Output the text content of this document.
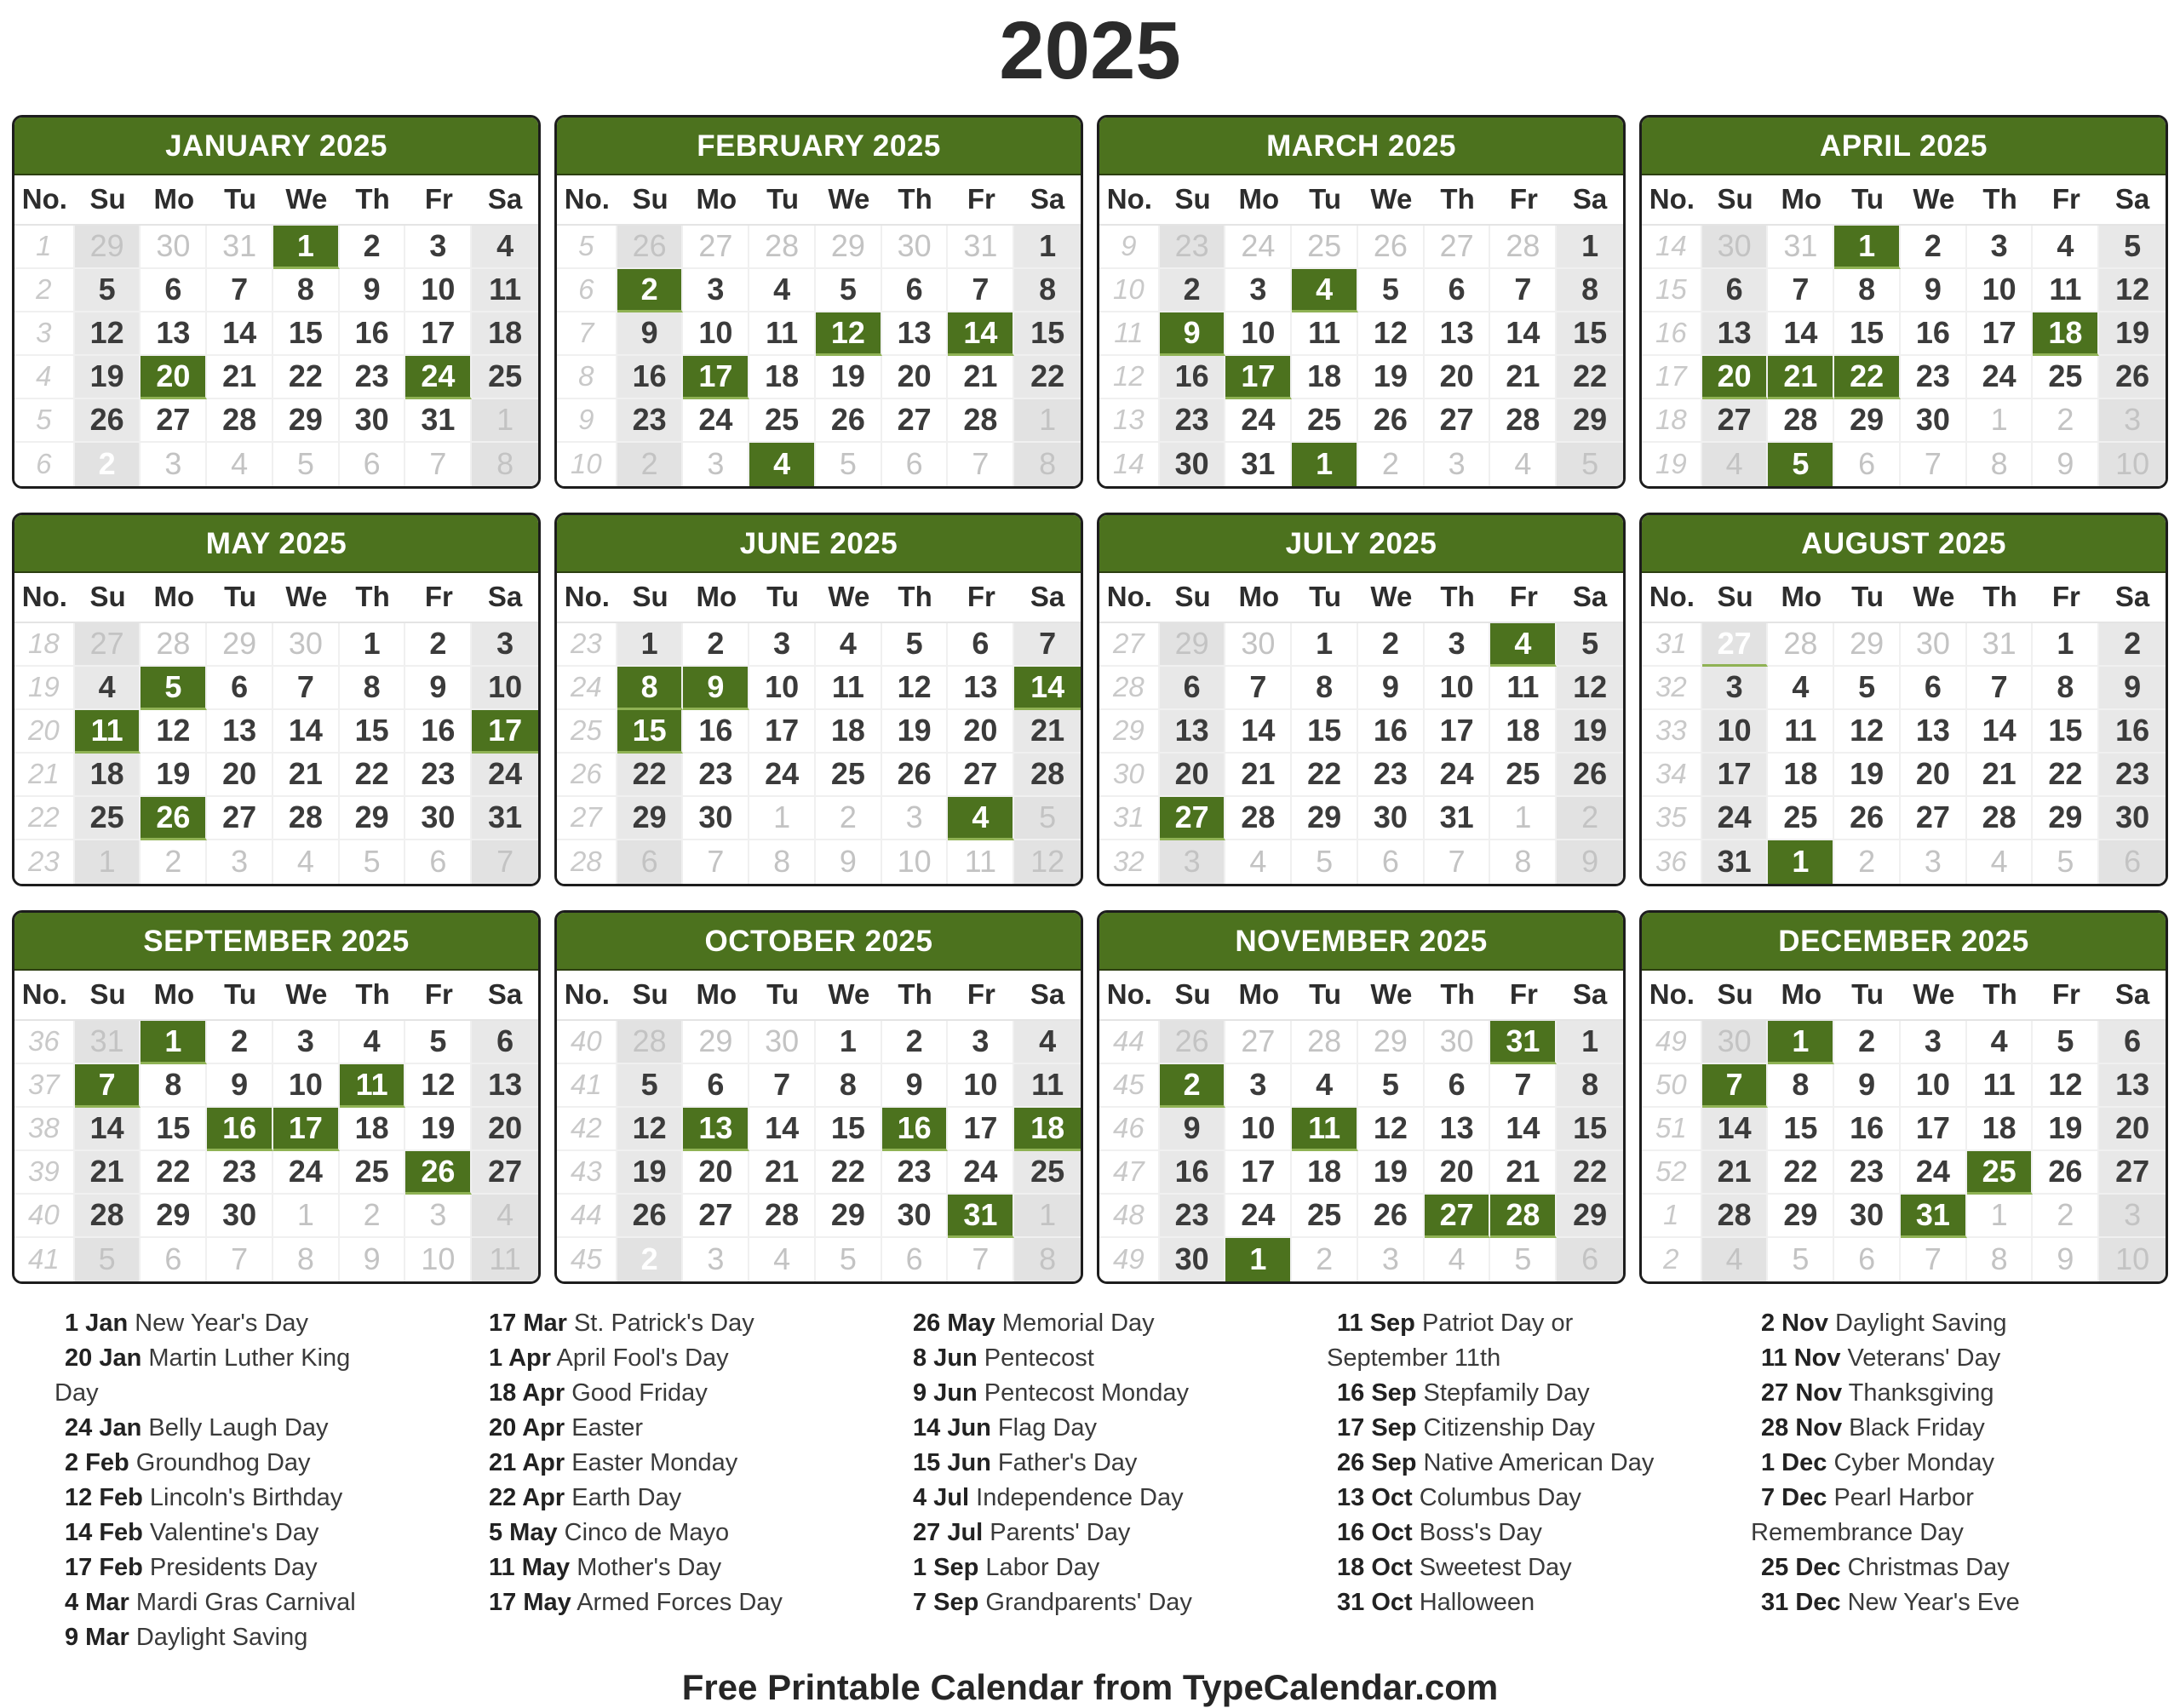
2025
JANUARY 2025
No.	Su	Mo	Tu	We	Th	Fr	Sa
1	29	30	31	1	2	3	4
2	5	6	7	8	9	10	11
3	12	13	14	15	16	17	18
4	19	20	21	22	23	24	25
5	26	27	28	29	30	31	1
6	2	3	4	5	6	7	8
FEBRUARY 2025
No.	Su	Mo	Tu	We	Th	Fr	Sa
5	26	27	28	29	30	31	1
6	2	3	4	5	6	7	8
7	9	10	11	12	13	14	15
8	16	17	18	19	20	21	22
9	23	24	25	26	27	28	1
10	2	3	4	5	6	7	8
MARCH 2025
No.	Su	Mo	Tu	We	Th	Fr	Sa
9	23	24	25	26	27	28	1
10	2	3	4	5	6	7	8
11	9	10	11	12	13	14	15
12	16	17	18	19	20	21	22
13	23	24	25	26	27	28	29
14	30	31	1	2	3	4	5
APRIL 2025
No.	Su	Mo	Tu	We	Th	Fr	Sa
14	30	31	1	2	3	4	5
15	6	7	8	9	10	11	12
16	13	14	15	16	17	18	19
17	20	21	22	23	24	25	26
18	27	28	29	30	1	2	3
19	4	5	6	7	8	9	10
MAY 2025
No.	Su	Mo	Tu	We	Th	Fr	Sa
18	27	28	29	30	1	2	3
19	4	5	6	7	8	9	10
20	11	12	13	14	15	16	17
21	18	19	20	21	22	23	24
22	25	26	27	28	29	30	31
23	1	2	3	4	5	6	7
JUNE 2025
No.	Su	Mo	Tu	We	Th	Fr	Sa
23	1	2	3	4	5	6	7
24	8	9	10	11	12	13	14
25	15	16	17	18	19	20	21
26	22	23	24	25	26	27	28
27	29	30	1	2	3	4	5
28	6	7	8	9	10	11	12
JULY 2025
No.	Su	Mo	Tu	We	Th	Fr	Sa
27	29	30	1	2	3	4	5
28	6	7	8	9	10	11	12
29	13	14	15	16	17	18	19
30	20	21	22	23	24	25	26
31	27	28	29	30	31	1	2
32	3	4	5	6	7	8	9
AUGUST 2025
No.	Su	Mo	Tu	We	Th	Fr	Sa
31	27	28	29	30	31	1	2
32	3	4	5	6	7	8	9
33	10	11	12	13	14	15	16
34	17	18	19	20	21	22	23
35	24	25	26	27	28	29	30
36	31	1	2	3	4	5	6
SEPTEMBER 2025
No.	Su	Mo	Tu	We	Th	Fr	Sa
36	31	1	2	3	4	5	6
37	7	8	9	10	11	12	13
38	14	15	16	17	18	19	20
39	21	22	23	24	25	26	27
40	28	29	30	1	2	3	4
41	5	6	7	8	9	10	11
OCTOBER 2025
No.	Su	Mo	Tu	We	Th	Fr	Sa
40	28	29	30	1	2	3	4
41	5	6	7	8	9	10	11
42	12	13	14	15	16	17	18
43	19	20	21	22	23	24	25
44	26	27	28	29	30	31	1
45	2	3	4	5	6	7	8
NOVEMBER 2025
No.	Su	Mo	Tu	We	Th	Fr	Sa
44	26	27	28	29	30	31	1
45	2	3	4	5	6	7	8
46	9	10	11	12	13	14	15
47	16	17	18	19	20	21	22
48	23	24	25	26	27	28	29
49	30	1	2	3	4	5	6
DECEMBER 2025
No.	Su	Mo	Tu	We	Th	Fr	Sa
49	30	1	2	3	4	5	6
50	7	8	9	10	11	12	13
51	14	15	16	17	18	19	20
52	21	22	23	24	25	26	27
1	28	29	30	31	1	2	3
2	4	5	6	7	8	9	10

1 Jan New Year's Day

20 Jan Martin Luther King Day

24 Jan Belly Laugh Day

2 Feb Groundhog Day

12 Feb Lincoln's Birthday

14 Feb Valentine's Day

17 Feb Presidents Day

4 Mar Mardi Gras Carnival

9 Mar Daylight Saving

17 Mar St. Patrick's Day

1 Apr April Fool's Day

18 Apr Good Friday

20 Apr Easter

21 Apr Easter Monday

22 Apr Earth Day

5 May Cinco de Mayo

11 May Mother's Day

17 May Armed Forces Day

26 May Memorial Day

8 Jun Pentecost

9 Jun Pentecost Monday

14 Jun Flag Day

15 Jun Father's Day

4 Jul Independence Day

27 Jul Parents' Day

1 Sep Labor Day

7 Sep Grandparents' Day

11 Sep Patriot Day or September 11th

16 Sep Stepfamily Day

17 Sep Citizenship Day

26 Sep Native American Day

13 Oct Columbus Day

16 Oct Boss's Day

18 Oct Sweetest Day

31 Oct Halloween

2 Nov Daylight Saving

11 Nov Veterans' Day

27 Nov Thanksgiving

28 Nov Black Friday

1 Dec Cyber Monday

7 Dec Pearl Harbor Remembrance Day

25 Dec Christmas Day

31 Dec New Year's Eve

Free Printable Calendar from TypeCalendar.com
